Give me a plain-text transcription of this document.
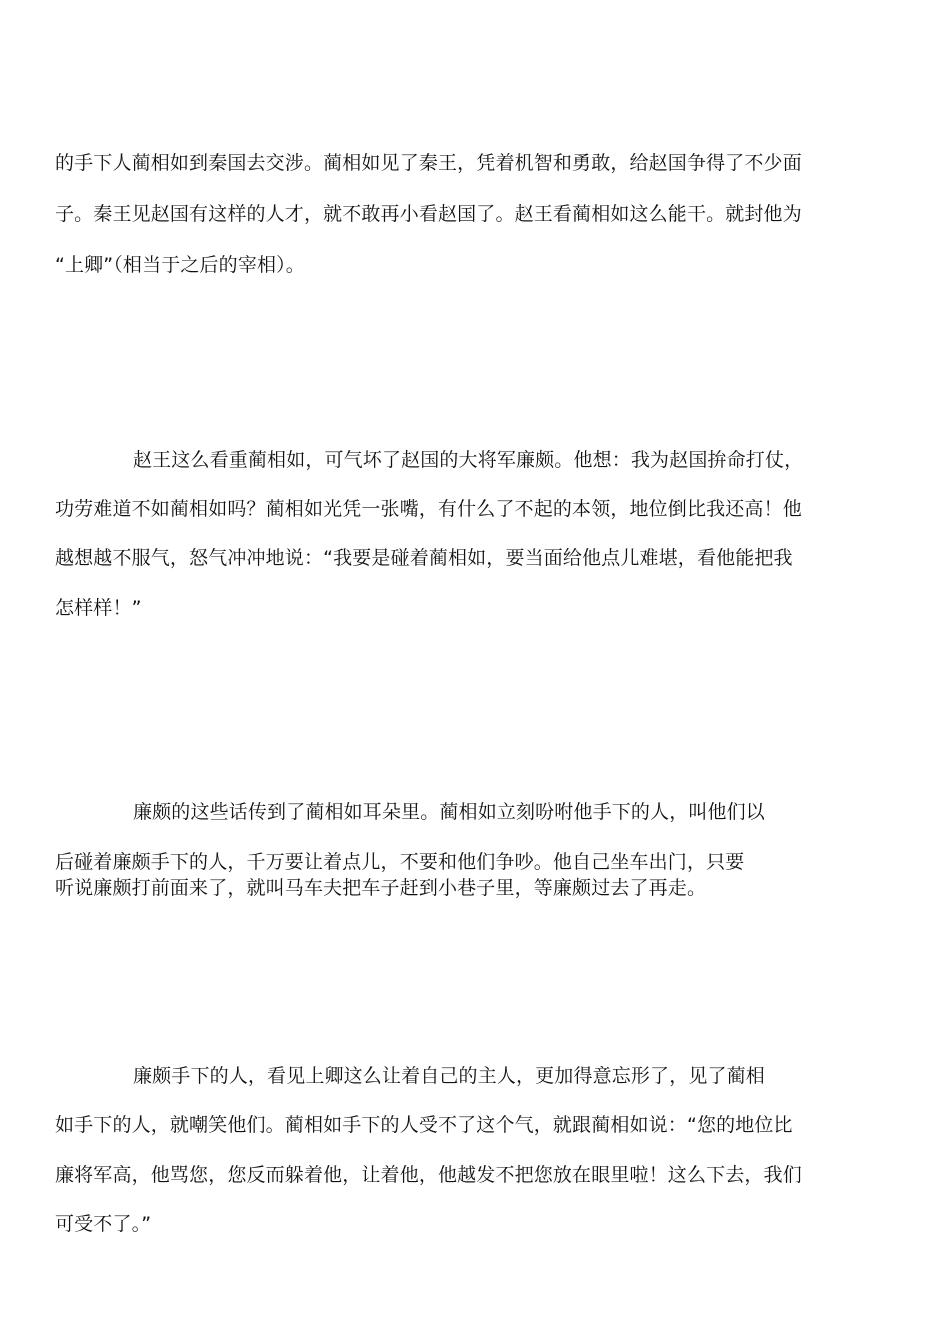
的手下人蔺相如到秦国去交涉。蔺相如见了秦王，凭着机智和勇敢，给赵国争得了不少面
子。秦王见赵国有这样的人才，就不敢再小看赵国了。赵王看蔺相如这么能干。就封他为
“上卿”（相当于之后的宰相）。
赵王这么看重蔺相如，可气坏了赵国的大将军廉颇。他想：我为赵国拚命打仗，
功劳难道不如蔺相如吗？蔺相如光凭一张嘴，有什么了不起的本领，地位倒比我还高！他
越想越不服气，怒气冲冲地说：“我要是碰着蔺相如，要当面给他点儿难堪，看他能把我
怎样样！”
廉颇的这些话传到了蔺相如耳朵里。蔺相如立刻吩咐他手下的人，叫他们以
后碰着廉颇手下的人，千万要让着点儿，不要和他们争吵。他自己坐车出门，只要
听说廉颇打前面来了，就叫马车夫把车子赶到小巷子里，等廉颇过去了再走。
廉颇手下的人，看见上卿这么让着自己的主人，更加得意忘形了，见了蔺相
如手下的人，就嘲笑他们。蔺相如手下的人受不了这个气，就跟蔺相如说：“您的地位比
廉将军高，他骂您，您反而躲着他，让着他，他越发不把您放在眼里啦！这么下去，我们
可受不了。”
